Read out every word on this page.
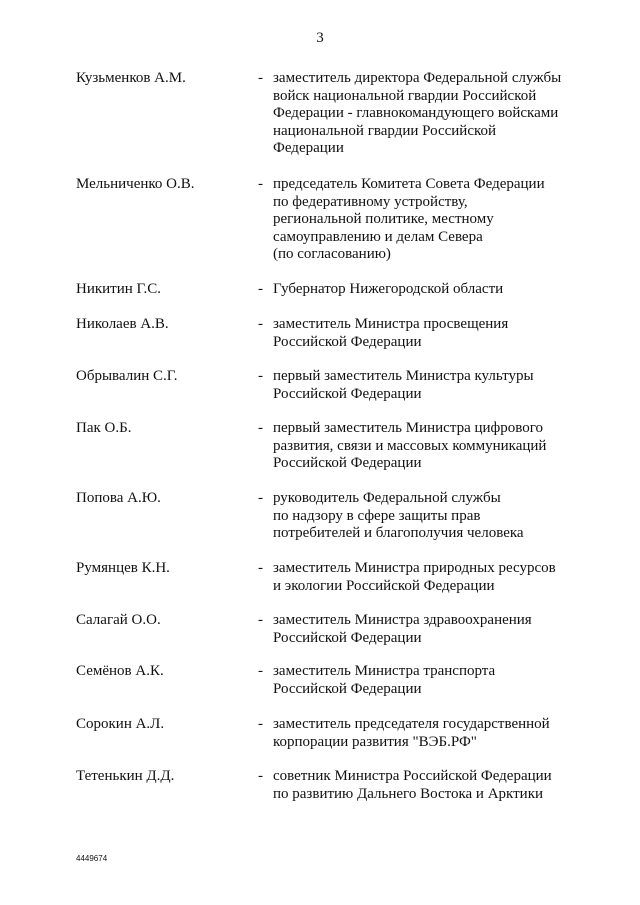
3
Кузьменков А.М.	- заместитель директора Федеральной службы
войск национальной гвардии Российской
Федерации - главнокомандующего войсками
национальной гвардии Российской
Федерации
Мельниченко О.В.	- председатель Комитета Совета Федерации
по федеративному устройству,
региональной политике, местному
самоуправлению и делам Севера
(по согласованию)
Никитин Г.С.	- Губернатор Нижегородской области
Николаев А.В.	- заместитель Министра просвещения
Российской Федерации
Обрывалин С.Г.	- первый заместитель Министра культуры
Российской Федерации
Пак О.Б.	- первый заместитель Министра цифрового
развития, связи и массовых коммуникаций
Российской Федерации
Попова А.Ю.	- руководитель Федеральной службы
по надзору в сфере защиты прав
потребителей и благополучия человека
Румянцев К.Н.	- заместитель Министра природных ресурсов
и экологии Российской Федерации
Салагай О.О.	- заместитель Министра здравоохранения
Российской Федерации
Семёнов А.К.	- заместитель Министра транспорта
Российской Федерации
Сорокин А.Л.	- заместитель председателя государственной
корпорации развития "ВЭБ.РФ"
Тетенькин Д.Д.	- советник Министра Российской Федерации
по развитию Дальнего Востока и Арктики
4449674
